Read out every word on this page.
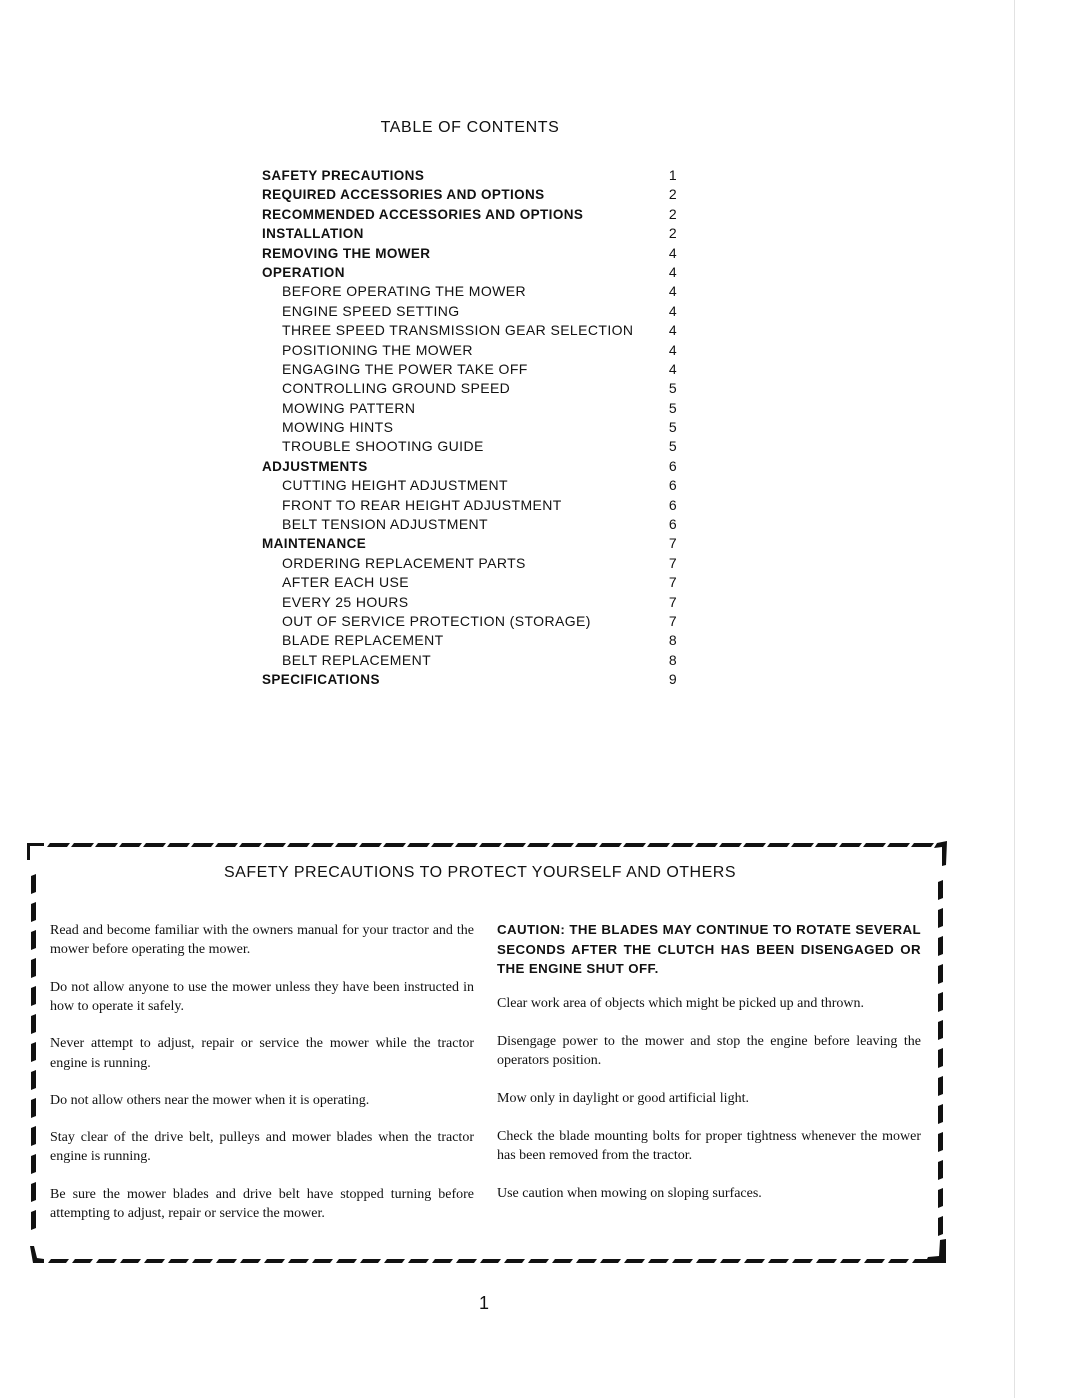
TABLE OF CONTENTS
SAFETY PRECAUTIONS	1
REQUIRED ACCESSORIES AND OPTIONS	2
RECOMMENDED ACCESSORIES AND OPTIONS	2
INSTALLATION	2
REMOVING THE MOWER	4
OPERATION	4
BEFORE OPERATING THE MOWER	4
ENGINE SPEED SETTING	4
THREE SPEED TRANSMISSION GEAR SELECTION	4
POSITIONING THE MOWER	4
ENGAGING THE POWER TAKE OFF	4
CONTROLLING GROUND SPEED	5
MOWING PATTERN	5
MOWING HINTS	5
TROUBLE SHOOTING GUIDE	5
ADJUSTMENTS	6
CUTTING HEIGHT ADJUSTMENT	6
FRONT TO REAR HEIGHT ADJUSTMENT	6
BELT TENSION ADJUSTMENT	6
MAINTENANCE	7
ORDERING REPLACEMENT PARTS	7
AFTER EACH USE	7
EVERY 25 HOURS	7
OUT OF SERVICE PROTECTION (STORAGE)	7
BLADE REPLACEMENT	8
BELT REPLACEMENT	8
SPECIFICATIONS	9
SAFETY PRECAUTIONS TO PROTECT YOURSELF AND OTHERS

Read and become familiar with the owners manual for your tractor and the mower before operating the mower.

Do not allow anyone to use the mower unless they have been instructed in how to operate it safely.

Never attempt to adjust, repair or service the mower while the tractor engine is running.

Do not allow others near the mower when it is operating.

Stay clear of the drive belt, pulleys and mower blades when the tractor engine is running.

Be sure the mower blades and drive belt have stopped turning before attempting to adjust, repair or service the mower.

CAUTION: THE BLADES MAY CONTINUE TO ROTATE SEVERAL SECONDS AFTER THE CLUTCH HAS BEEN DISENGAGED OR THE ENGINE SHUT OFF.

Clear work area of objects which might be picked up and thrown.

Disengage power to the mower and stop the engine before leaving the operators position.

Mow only in daylight or good artificial light.

Check the blade mounting bolts for proper tightness whenever the mower has been removed from the tractor.

Use caution when mowing on sloping surfaces.

1
